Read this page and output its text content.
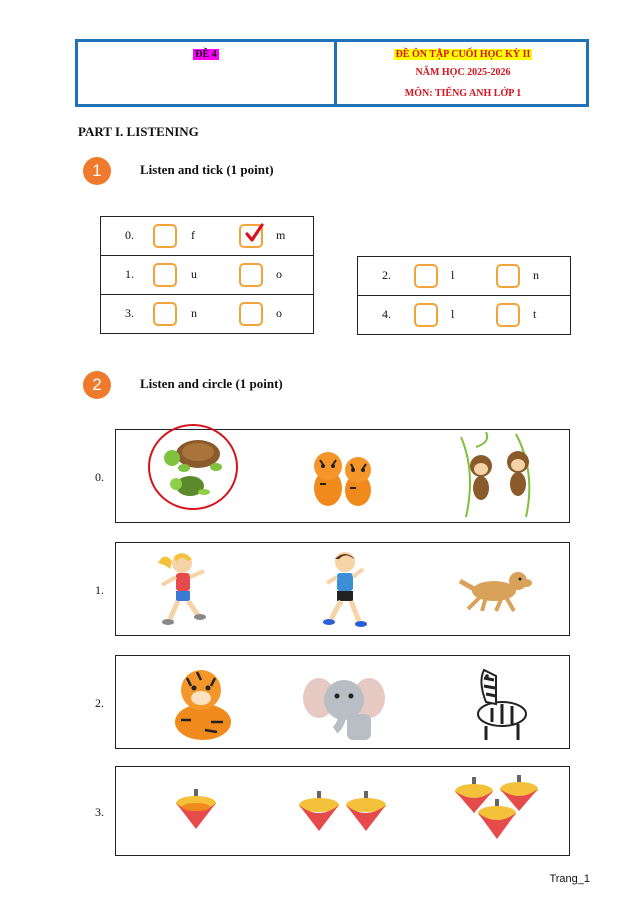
ĐỀ 4	ĐỀ ÔN TẬP CUỐI HỌC KỲ II
NĂM HỌC 2025-2026
MÔN: TIẾNG ANH LỚP 1
PART I. LISTENING
1	Listen and tick (1 point)
0.	f	m

1.	u	o

3.	n	o
2.	l	n

4.	l	t
2	Listen and circle (1 point)
0.
1.
2.
3.
Trang_1
